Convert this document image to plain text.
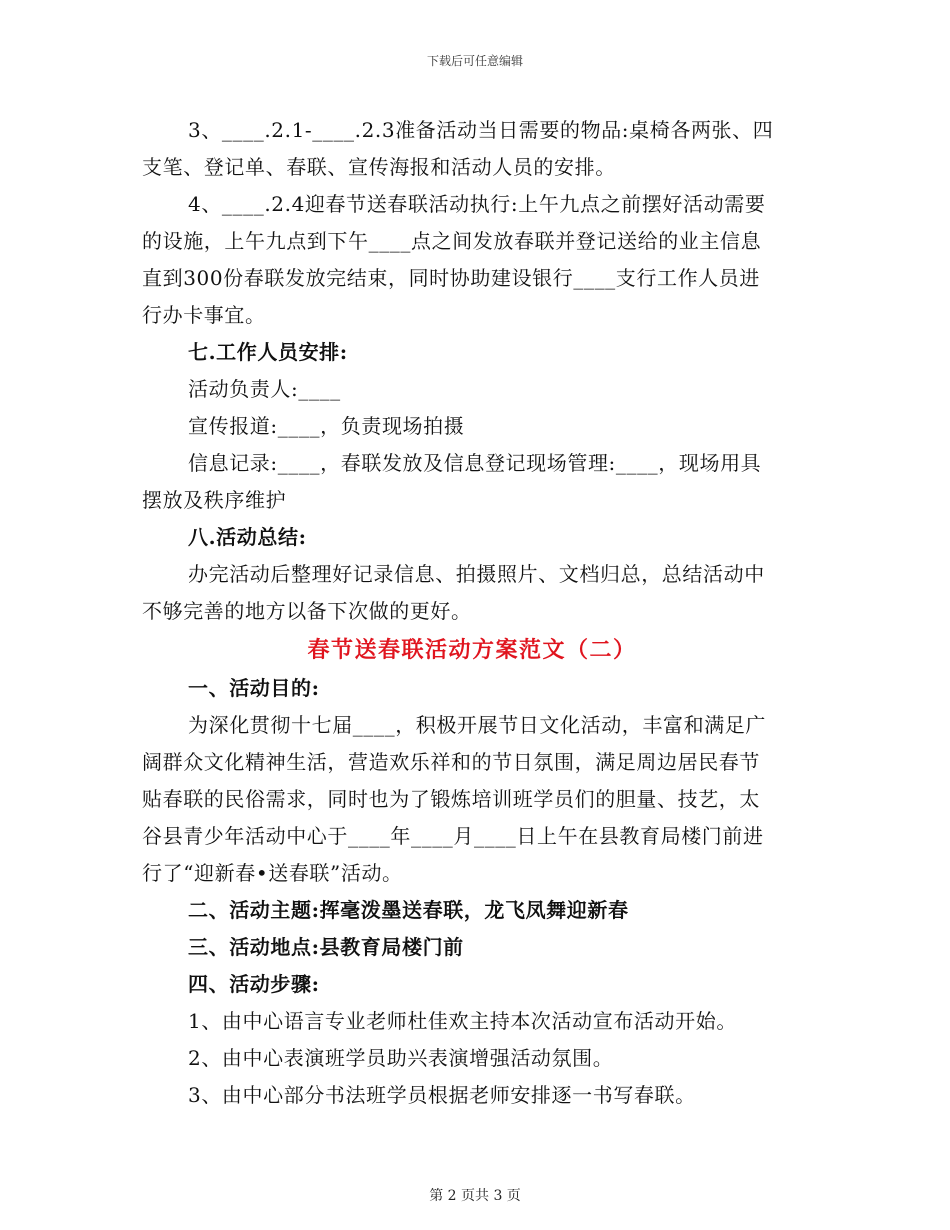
下载后可任意编辑
3、____.2.1-____.2.3准备活动当日需要的物品:桌椅各两张、四
支笔、登记单、春联、宣传海报和活动人员的安排。
4、____.2.4迎春节送春联活动执行:上午九点之前摆好活动需要
的设施，上午九点到下午____点之间发放春联并登记送给的业主信息
直到300份春联发放完结束，同时协助建设银行____支行工作人员进
行办卡事宜。
七.工作人员安排:
活动负责人:____
宣传报道:____，负责现场拍摄
信息记录:____，春联发放及信息登记现场管理:____，现场用具
摆放及秩序维护
八.活动总结:
办完活动后整理好记录信息、拍摄照片、文档归总，总结活动中
不够完善的地方以备下次做的更好。
春节送春联活动方案范文（二）
一、活动目的:
为深化贯彻十七届____，积极开展节日文化活动，丰富和满足广
阔群众文化精神生活，营造欢乐祥和的节日氛围，满足周边居民春节
贴春联的民俗需求，同时也为了锻炼培训班学员们的胆量、技艺，太
谷县青少年活动中心于____年____月____日上午在县教育局楼门前进
行了“迎新春•送春联”活动。
二、活动主题:挥毫泼墨送春联，龙飞凤舞迎新春
三、活动地点:县教育局楼门前
四、活动步骤:
1、由中心语言专业老师杜佳欢主持本次活动宣布活动开始。
2、由中心表演班学员助兴表演增强活动氛围。
3、由中心部分书法班学员根据老师安排逐一书写春联。
第 2 页共 3 页
